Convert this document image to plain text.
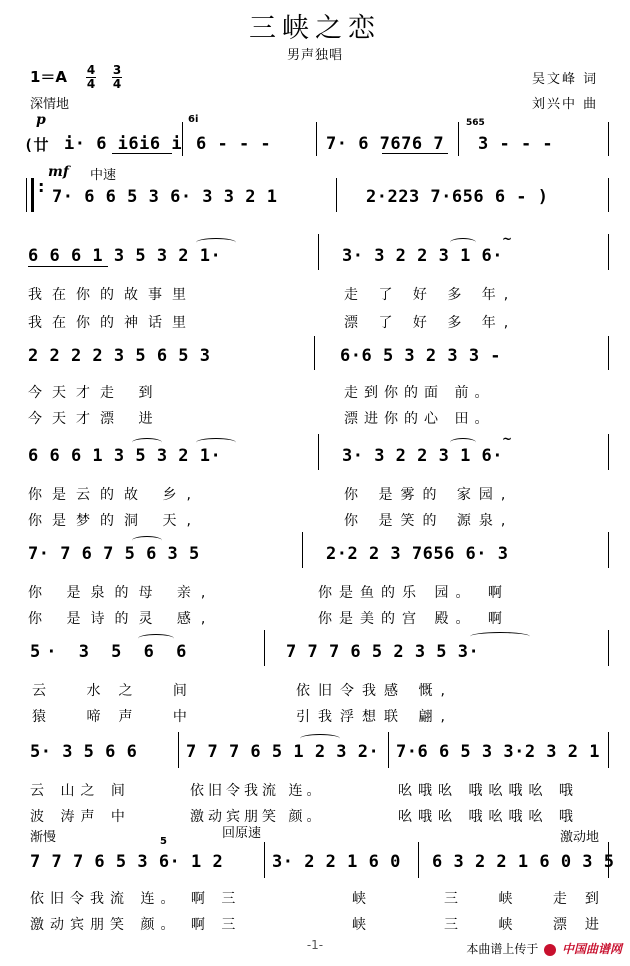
三峡之恋
男声独唱
1＝A 4
4
3
4
深情地
吴文峰 词
刘兴中 曲
p
(廿 i· 6 i6i6 i
6i
6 - - -	7· 6 7676 7
565
3 - - -
mf 中速
:
7· 6 6 5 3 6· 3 3 2 1	2·223 7·656 6 - )
6 6 6 1 3 5 3 2 1·	3· 3 2 2 3 1 6·
~
我在你的故事里	走 了 好 多 年,
我在你的神话里	漂 了 好 多 年,
2 2 2 2 3 5 6 5 3	6·6 5 3 2 3 3 -
今天才走 到	走到你的面 前。
今天才漂 进	漂进你的心 田。
6 6 6 1 3 5 3 2 1·	3· 3 2 2 3 1 6·
~
你是云的故 乡,	你 是雾的 家园,
你是梦的洞 天,	你 是笑的 源泉,
7· 7 6 7 5 6 3 5	2·2 2 3 7656 6· 3
你 是泉的母 亲,	你是鱼的乐 园。 啊
你 是诗的灵 感,	你是美的宫 殿。 啊
5· 3 5 6 6	7 7 7 6 5 2 3 5 3·
云 水之 间	依旧令我感 慨,
猿 啼声 中	引我浮想联 翩,
5· 3 5 6 6	7 7 7 6 5 1 2 3 2· 7·6 6 5 3 3·2 3 2 1
云 山之 间	依旧令我流 连。	吆哦吆 哦吆哦吆 哦
波 涛声 中	激动宾朋笑 颜。	吆哦吆 哦吆哦吆 哦
渐慢	回原速	激动地
5
7 7 7 6 5 3 6· 1 2	3· 2 2 1 6 0 6 3 2 2 1 6 0 3 5
依旧令我流 连。 啊 三	峡	三 峡 走到
激动宾朋笑 颜。 啊 三	峡	三 峡 漂进
-1-	本曲谱上传于 中国曲谱网
